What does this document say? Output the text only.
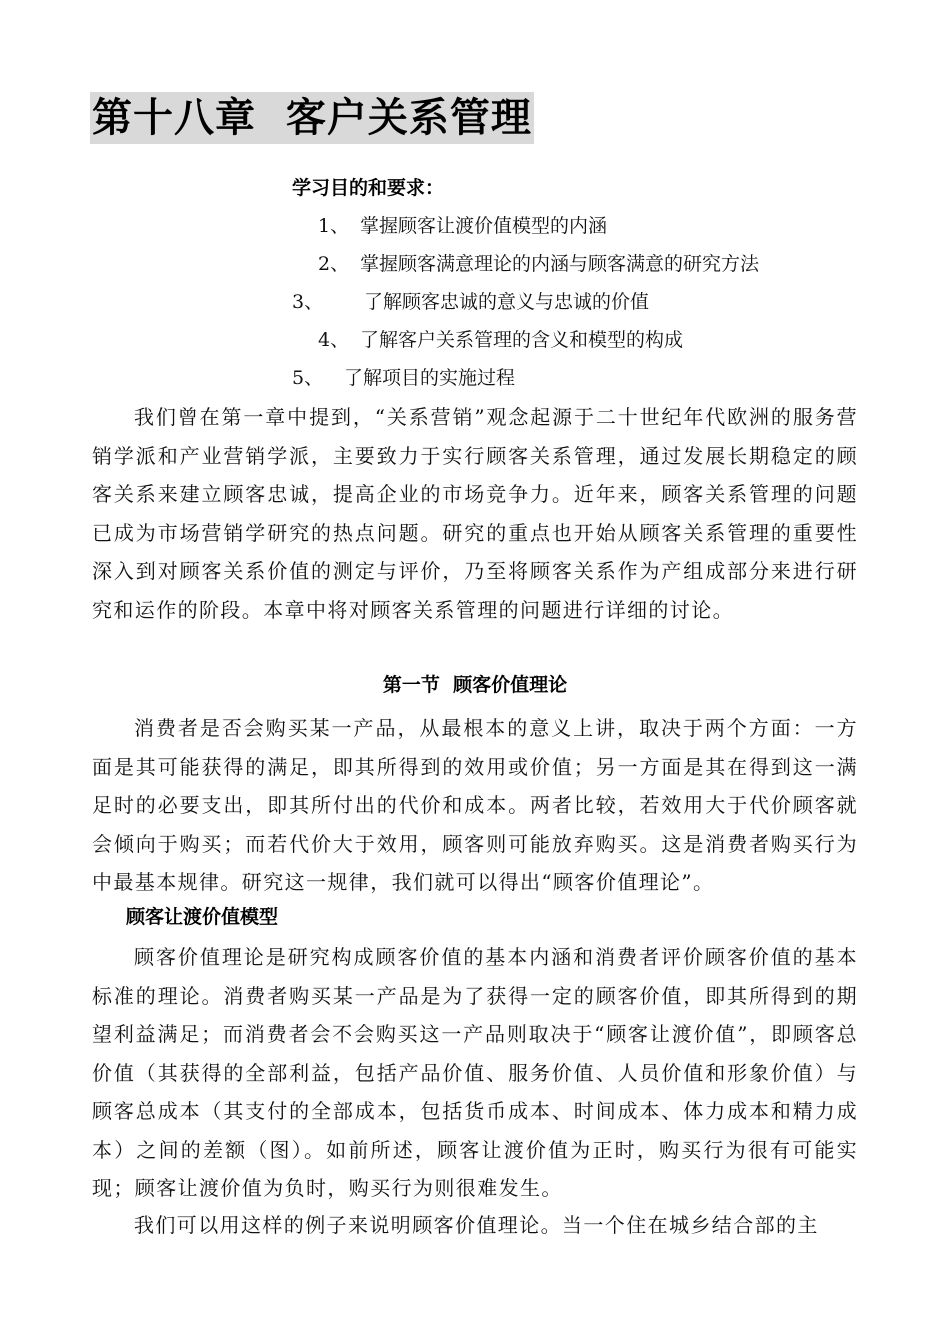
第十八章  客户关系管理

学习目的和要求：

1、 掌握顾客让渡价值模型的内涵

2、 掌握顾客满意理论的内涵与顾客满意的研究方法

3、 了解顾客忠诚的意义与忠诚的价值

4、 了解客户关系管理的含义和模型的构成

5、 了解项目的实施过程

我们曾在第一章中提到，“关系营销”观念起源于二十世纪年代欧洲的服务营销学派和产业营销学派，主要致力于实行顾客关系管理，通过发展长期稳定的顾客关系来建立顾客忠诚，提高企业的市场竞争力。近年来，顾客关系管理的问题已成为市场营销学研究的热点问题。研究的重点也开始从顾客关系管理的重要性深入到对顾客关系价值的测定与评价，乃至将顾客关系作为产组成部分来进行研究和运作的阶段。本章中将对顾客关系管理的问题进行详细的讨论。

第一节  顾客价值理论

消费者是否会购买某一产品，从最根本的意义上讲，取决于两个方面：一方面是其可能获得的满足，即其所得到的效用或价值；另一方面是其在得到这一满足时的必要支出，即其所付出的代价和成本。两者比较，若效用大于代价顾客就会倾向于购买；而若代价大于效用，顾客则可能放弃购买。这是消费者购买行为中最基本规律。研究这一规律，我们就可以得出“顾客价值理论”。

顾客让渡价值模型

顾客价值理论是研究构成顾客价值的基本内涵和消费者评价顾客价值的基本标准的理论。消费者购买某一产品是为了获得一定的顾客价值，即其所得到的期望利益满足；而消费者会不会购买这一产品则取决于“顾客让渡价值”，即顾客总价值（其获得的全部利益，包括产品价值、服务价值、人员价值和形象价值）与顾客总成本（其支付的全部成本，包括货币成本、时间成本、体力成本和精力成本）之间的差额（图）。如前所述，顾客让渡价值为正时，购买行为很有可能实现；顾客让渡价值为负时，购买行为则很难发生。

我们可以用这样的例子来说明顾客价值理论。当一个住在城乡结合部的主
